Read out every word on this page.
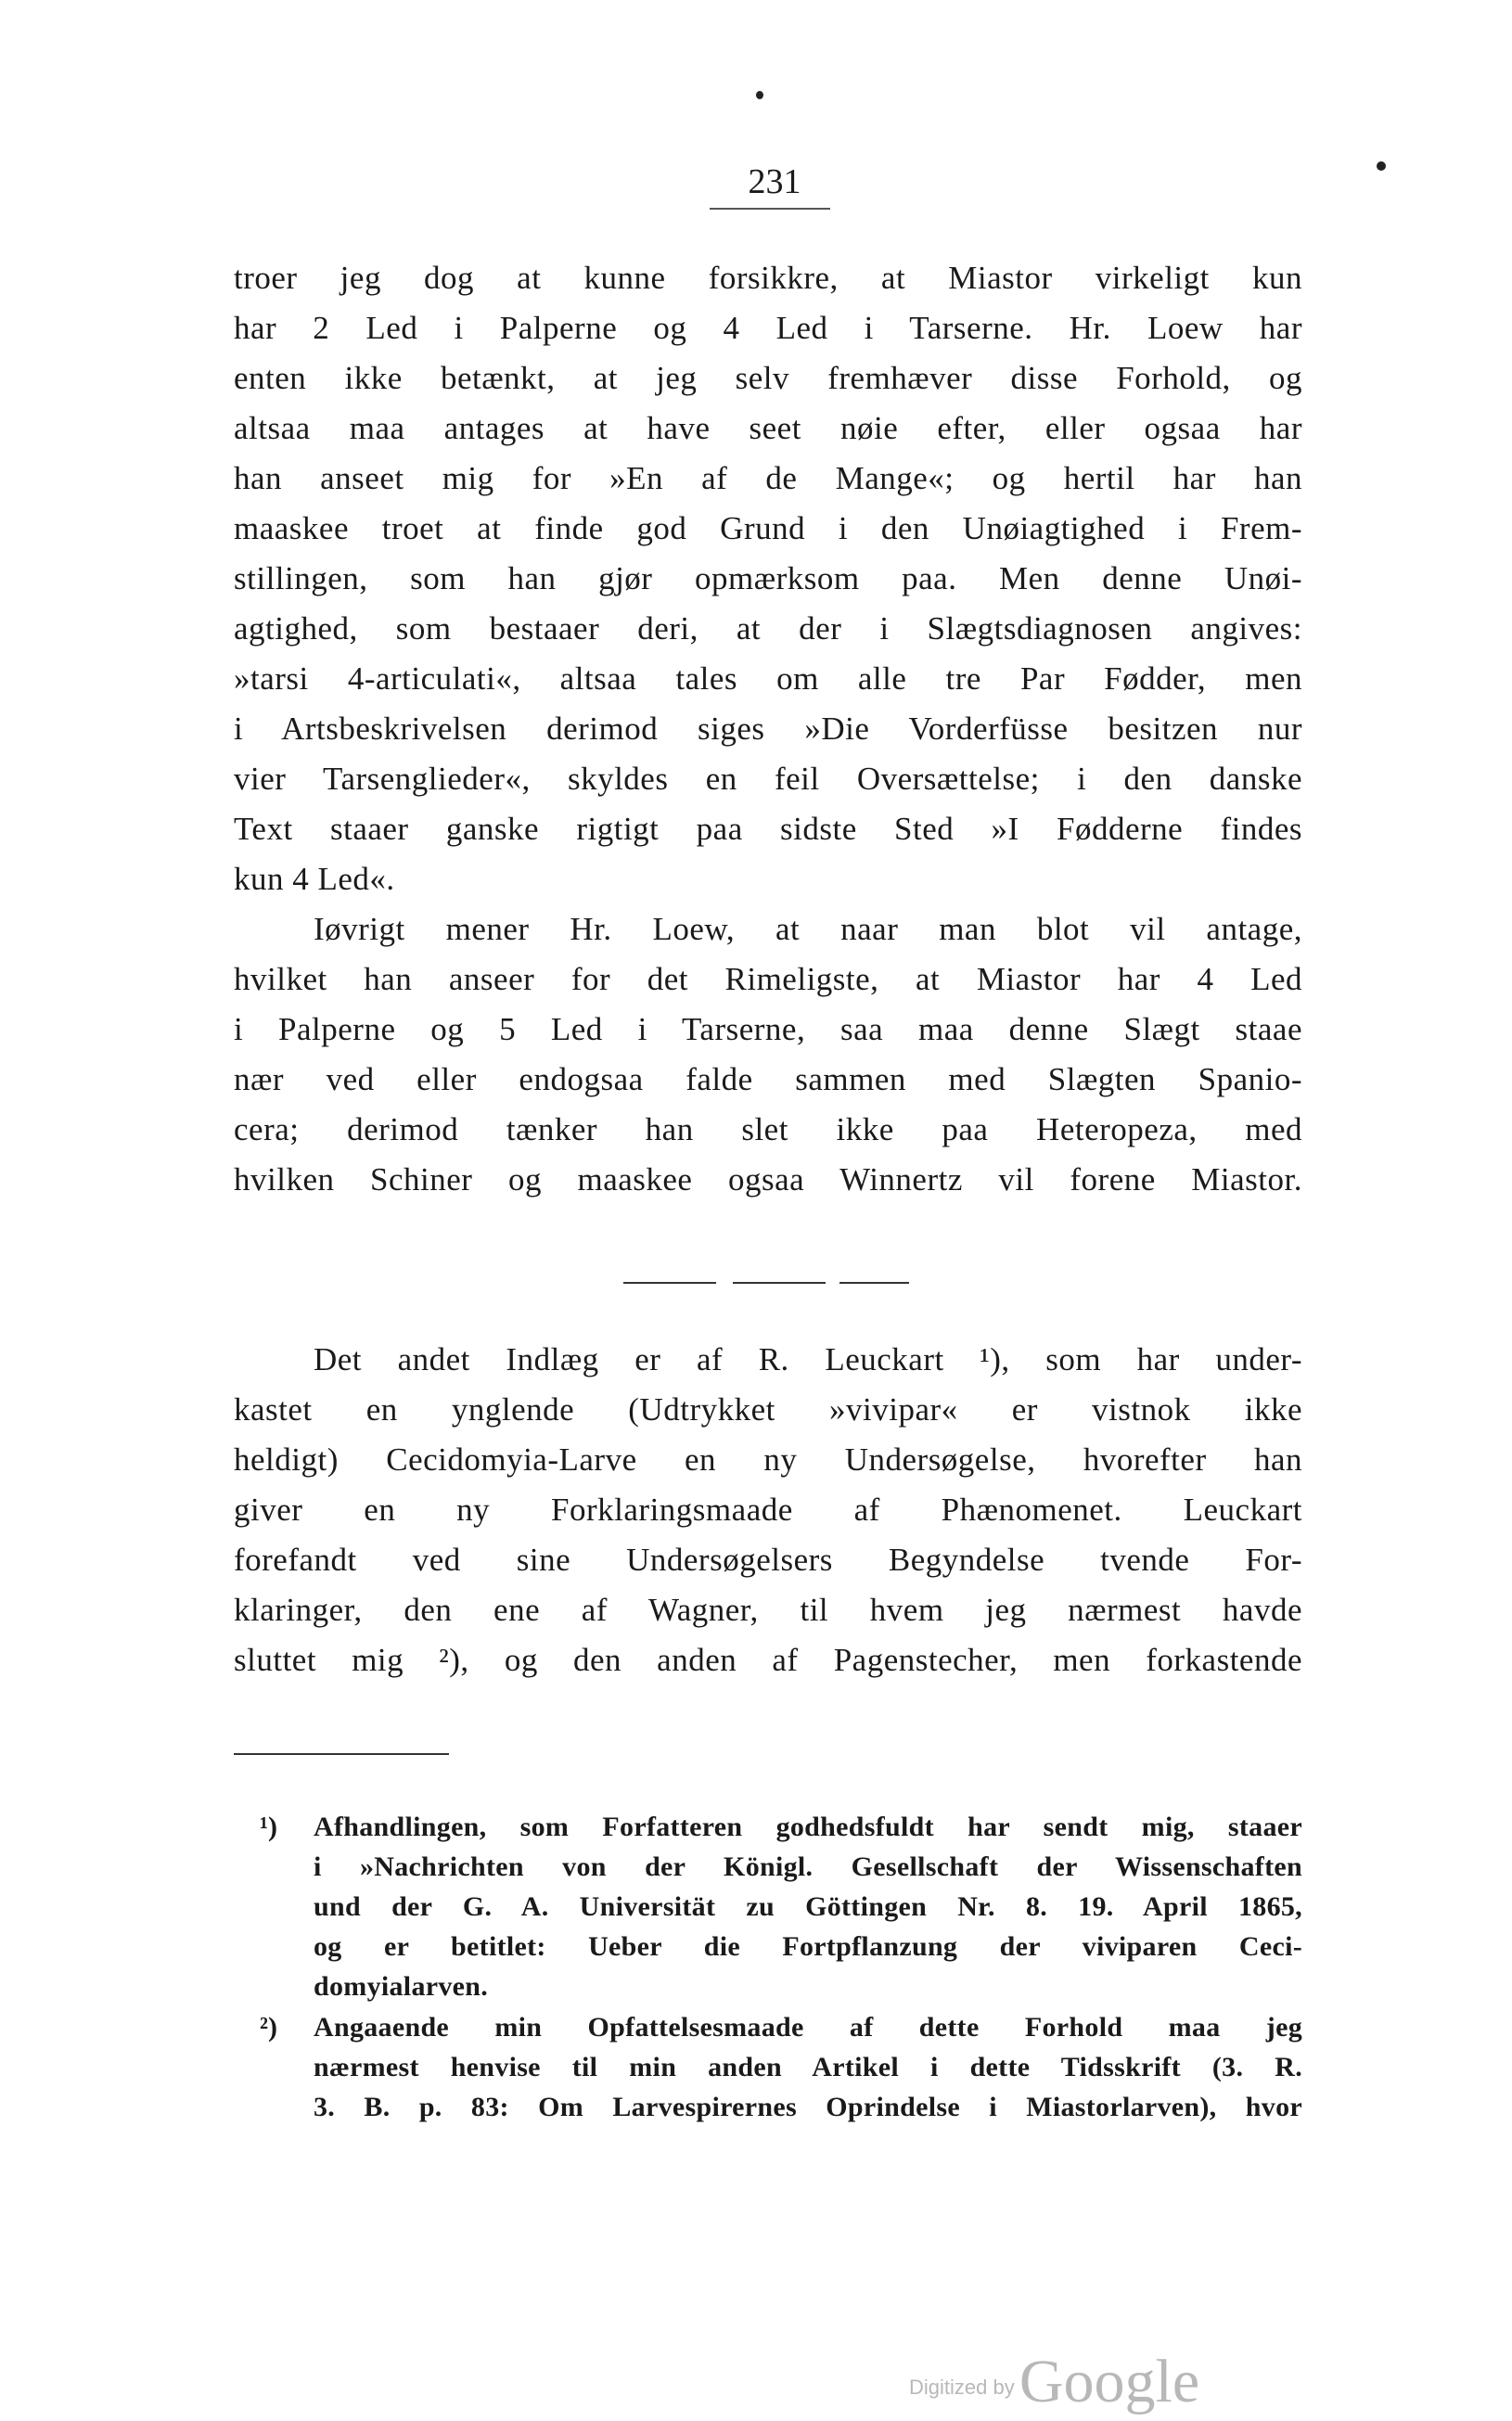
231
troer jeg dog at kunne forsikkre, at Miastor virkeligt kun
har 2 Led i Palperne og 4 Led i Tarserne. Hr. Loew har
enten ikke betænkt, at jeg selv fremhæver disse Forhold, og
altsaa maa antages at have seet nøie efter, eller ogsaa har
han anseet mig for »En af de Mange«; og hertil har han
maaskee troet at finde god Grund i den Unøiagtighed i Frem-
stillingen, som han gjør opmærksom paa. Men denne Unøi-
agtighed, som bestaaer deri, at der i Slægtsdiagnosen angives:
»tarsi 4-articulati«, altsaa tales om alle tre Par Fødder, men
i Artsbeskrivelsen derimod siges »Die Vorderfüsse besitzen nur
vier Tarsenglieder«, skyldes en feil Oversættelse; i den danske
Text staaer ganske rigtigt paa sidste Sted »I Fødderne findes
kun 4 Led«.
Iøvrigt mener Hr. Loew, at naar man blot vil antage,
hvilket han anseer for det Rimeligste, at Miastor har 4 Led
i Palperne og 5 Led i Tarserne, saa maa denne Slægt staae
nær ved eller endogsaa falde sammen med Slægten Spanio-
cera; derimod tænker han slet ikke paa Heteropeza, med
hvilken Schiner og maaskee ogsaa Winnertz vil forene Miastor.
Det andet Indlæg er af R. Leuckart ¹), som har under-
kastet en ynglende (Udtrykket »vivipar« er vistnok ikke
heldigt) Cecidomyia-Larve en ny Undersøgelse, hvorefter han
giver en ny Forklaringsmaade af Phænomenet. Leuckart
forefandt ved sine Undersøgelsers Begyndelse tvende For-
klaringer, den ene af Wagner, til hvem jeg nærmest havde
sluttet mig ²), og den anden af Pagenstecher, men forkastende
¹) Afhandlingen, som Forfatteren godhedsfuldt har sendt mig, staaer
i »Nachrichten von der Königl. Gesellschaft der Wissenschaften
und der G. A. Universität zu Göttingen Nr. 8. 19. April 1865,
og er betitlet: Ueber die Fortpflanzung der viviparen Ceci-
domyialarven.
²) Angaaende min Opfattelsesmaade af dette Forhold maa jeg
nærmest henvise til min anden Artikel i dette Tidsskrift (3. R.
3. B. p. 83: Om Larvespirernes Oprindelse i Miastorlarven), hvor
Digitized by Google
